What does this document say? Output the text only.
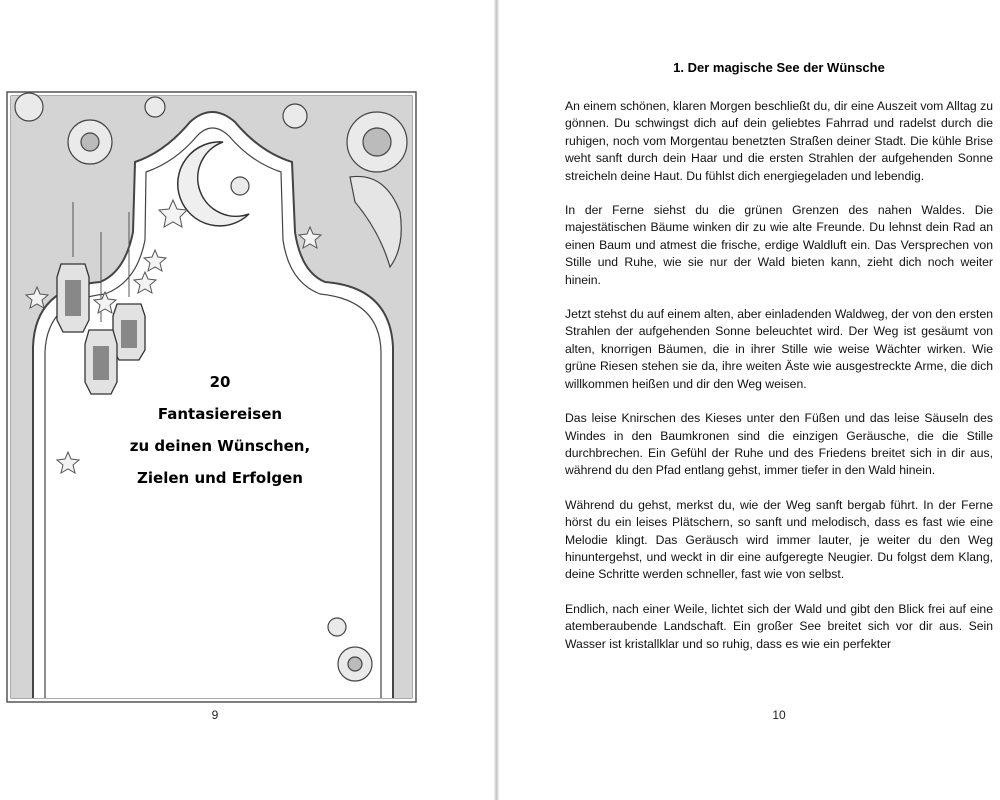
20
Fantasiereisen
zu deinen Wünschen,
Zielen und Erfolgen
9
1. Der magische See der Wünsche

An einem schönen, klaren Morgen beschließt du, dir eine Auszeit vom Alltag zu gönnen. Du schwingst dich auf dein geliebtes Fahrrad und radelst durch die ruhigen, noch vom Morgentau benetzten Straßen deiner Stadt. Die kühle Brise weht sanft durch dein Haar und die ersten Strahlen der aufgehenden Sonne streicheln deine Haut. Du fühlst dich energiegeladen und lebendig.

In der Ferne siehst du die grünen Grenzen des nahen Waldes. Die majestätischen Bäume winken dir zu wie alte Freunde. Du lehnst dein Rad an einen Baum und atmest die frische, erdige Waldluft ein. Das Versprechen von Stille und Ruhe, wie sie nur der Wald bieten kann, zieht dich noch weiter hinein.

Jetzt stehst du auf einem alten, aber einladenden Waldweg, der von den ersten Strahlen der aufgehenden Sonne beleuchtet wird. Der Weg ist gesäumt von alten, knorrigen Bäumen, die in ihrer Stille wie weise Wächter wirken. Wie grüne Riesen stehen sie da, ihre weiten Äste wie ausgestreckte Arme, die dich willkommen heißen und dir den Weg weisen.

Das leise Knirschen des Kieses unter den Füßen und das leise Säuseln des Windes in den Baumkronen sind die einzigen Geräusche, die die Stille durchbrechen. Ein Gefühl der Ruhe und des Friedens breitet sich in dir aus, während du den Pfad entlang gehst, immer tiefer in den Wald hinein.

Während du gehst, merkst du, wie der Weg sanft bergab führt. In der Ferne hörst du ein leises Plätschern, so sanft und melodisch, dass es fast wie eine Melodie klingt. Das Geräusch wird immer lauter, je weiter du den Weg hinuntergehst, und weckt in dir eine aufgeregte Neugier. Du folgst dem Klang, deine Schritte werden schneller, fast wie von selbst.

Endlich, nach einer Weile, lichtet sich der Wald und gibt den Blick frei auf eine atemberaubende Landschaft. Ein großer See breitet sich vor dir aus. Sein Wasser ist kristallklar und so ruhig, dass es wie ein perfekter

10
